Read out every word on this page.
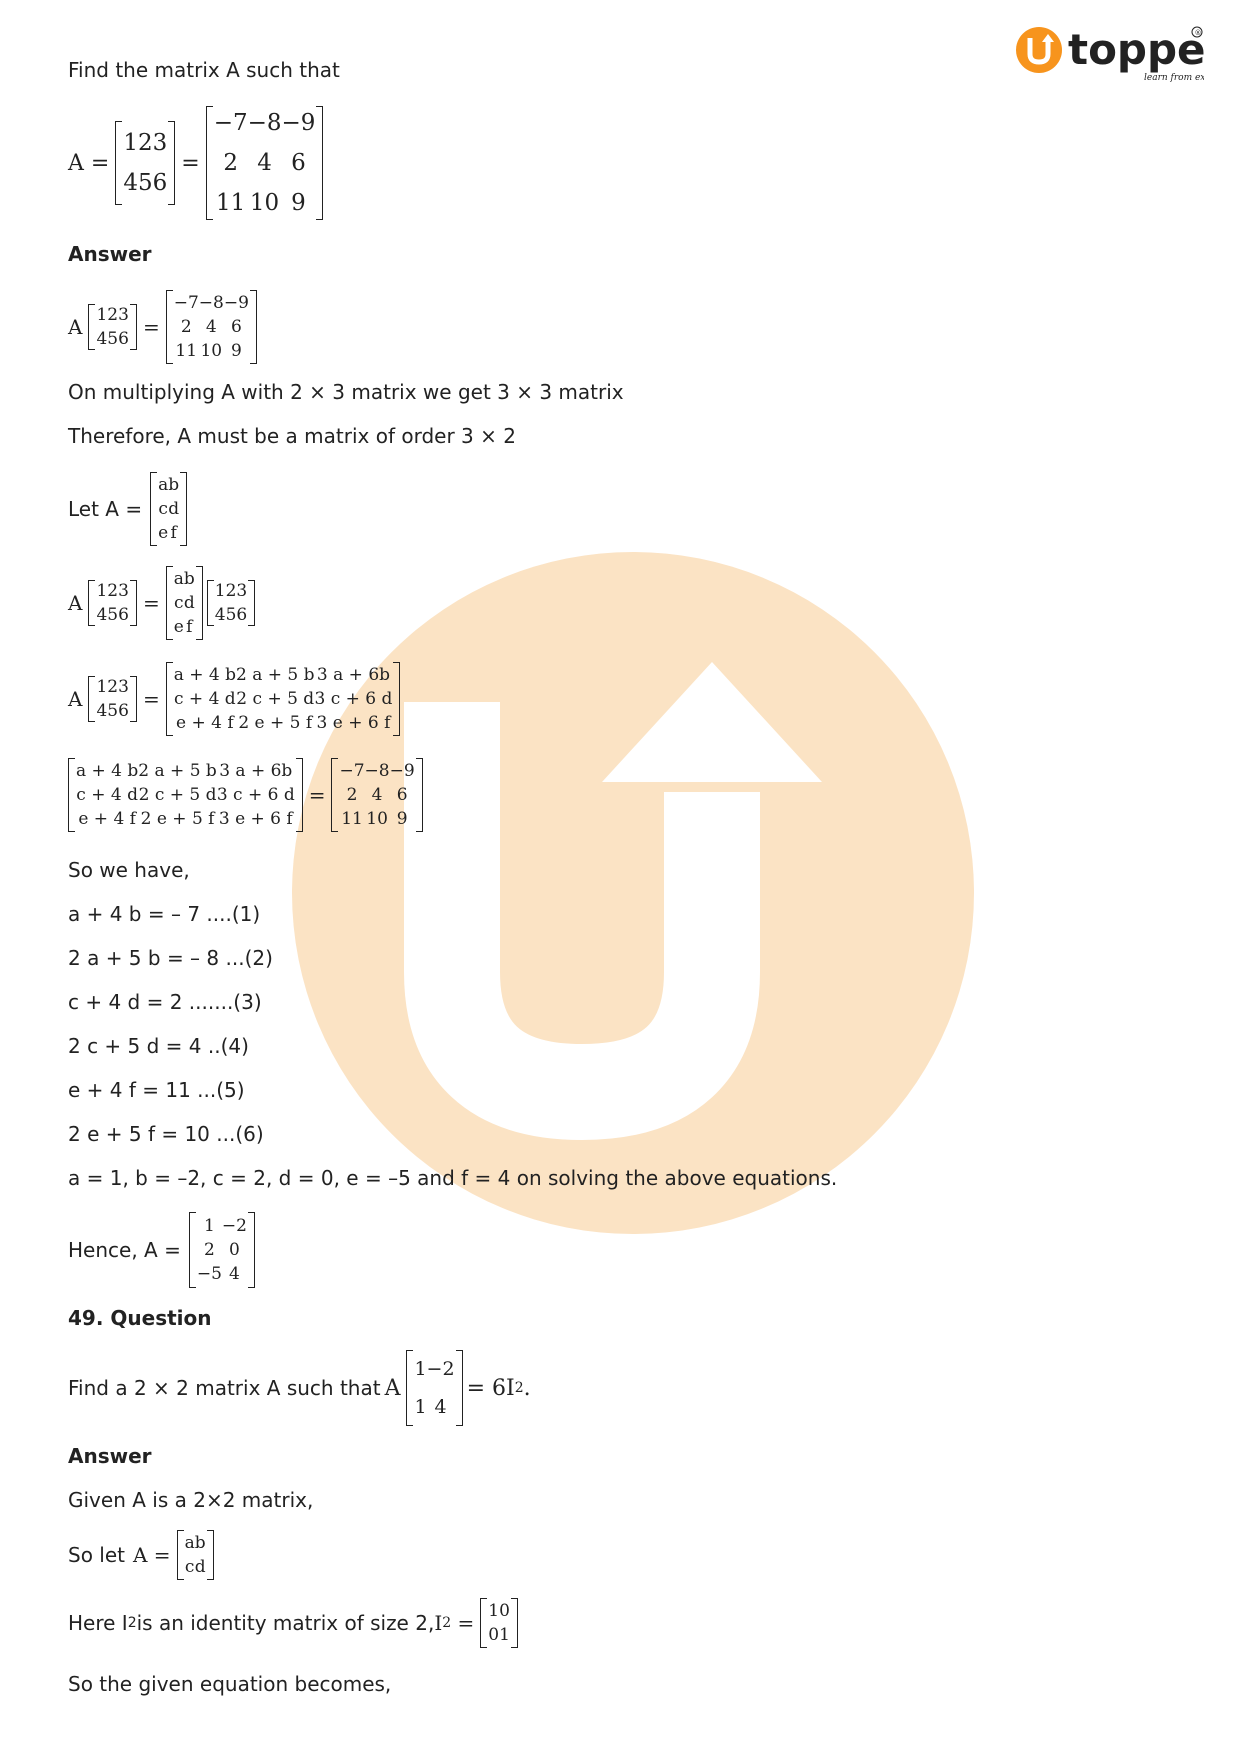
toppe
learn from e
®
Find the matrix A such that
A =
1	2	3
4	5	6
=
−7	−8	−9
2	4	6
11	10	9
Answer
A 1	2	3
4	5	6 =
−7	−8	−9
2	4	6
11	10	9
On multiplying A with 2 × 3 matrix we get 3 × 3 matrix
Therefore, A must be a matrix of order 3 × 2
Let A =
a	b
c	d
e	f
A 1	2	3
4	5	6 =
a	b
c	d
e	f
1	2	3
4	5	6
A 1	2	3
4	5	6 =
a + 4 b	2 a + 5 b	3 a + 6b
c + 4 d	2 c + 5 d	3 c + 6 d
e + 4 f	2 e + 5 f	3 e + 6 f
a + 4 b	2 a + 5 b	3 a + 6b
c + 4 d	2 c + 5 d	3 c + 6 d
e + 4 f	2 e + 5 f	3 e + 6 f
=
−7	−8	−9
2	4	6
11	10	9
So we have,
a + 4 b = – 7 ....(1)
2 a + 5 b = – 8 ...(2)
c + 4 d = 2 .......(3)
2 c + 5 d = 4 ..(4)
e + 4 f = 11 ...(5)
2 e + 5 f = 10 ...(6)
a = 1, b = –2, c = 2, d = 0, e = –5 and f = 4 on solving the above equations.
Hence, A =
1	−2
2	0
−5	4
49. Question
Find a 2 × 2 matrix A such that A
1	−2
1	4
= 6I 2 .
Answer
Given A is a 2×2 matrix,
So let A = a	b
c	d
Here I 2 is an identity matrix of size 2, I 2
= 1	0
0	1
So the given equation becomes,
